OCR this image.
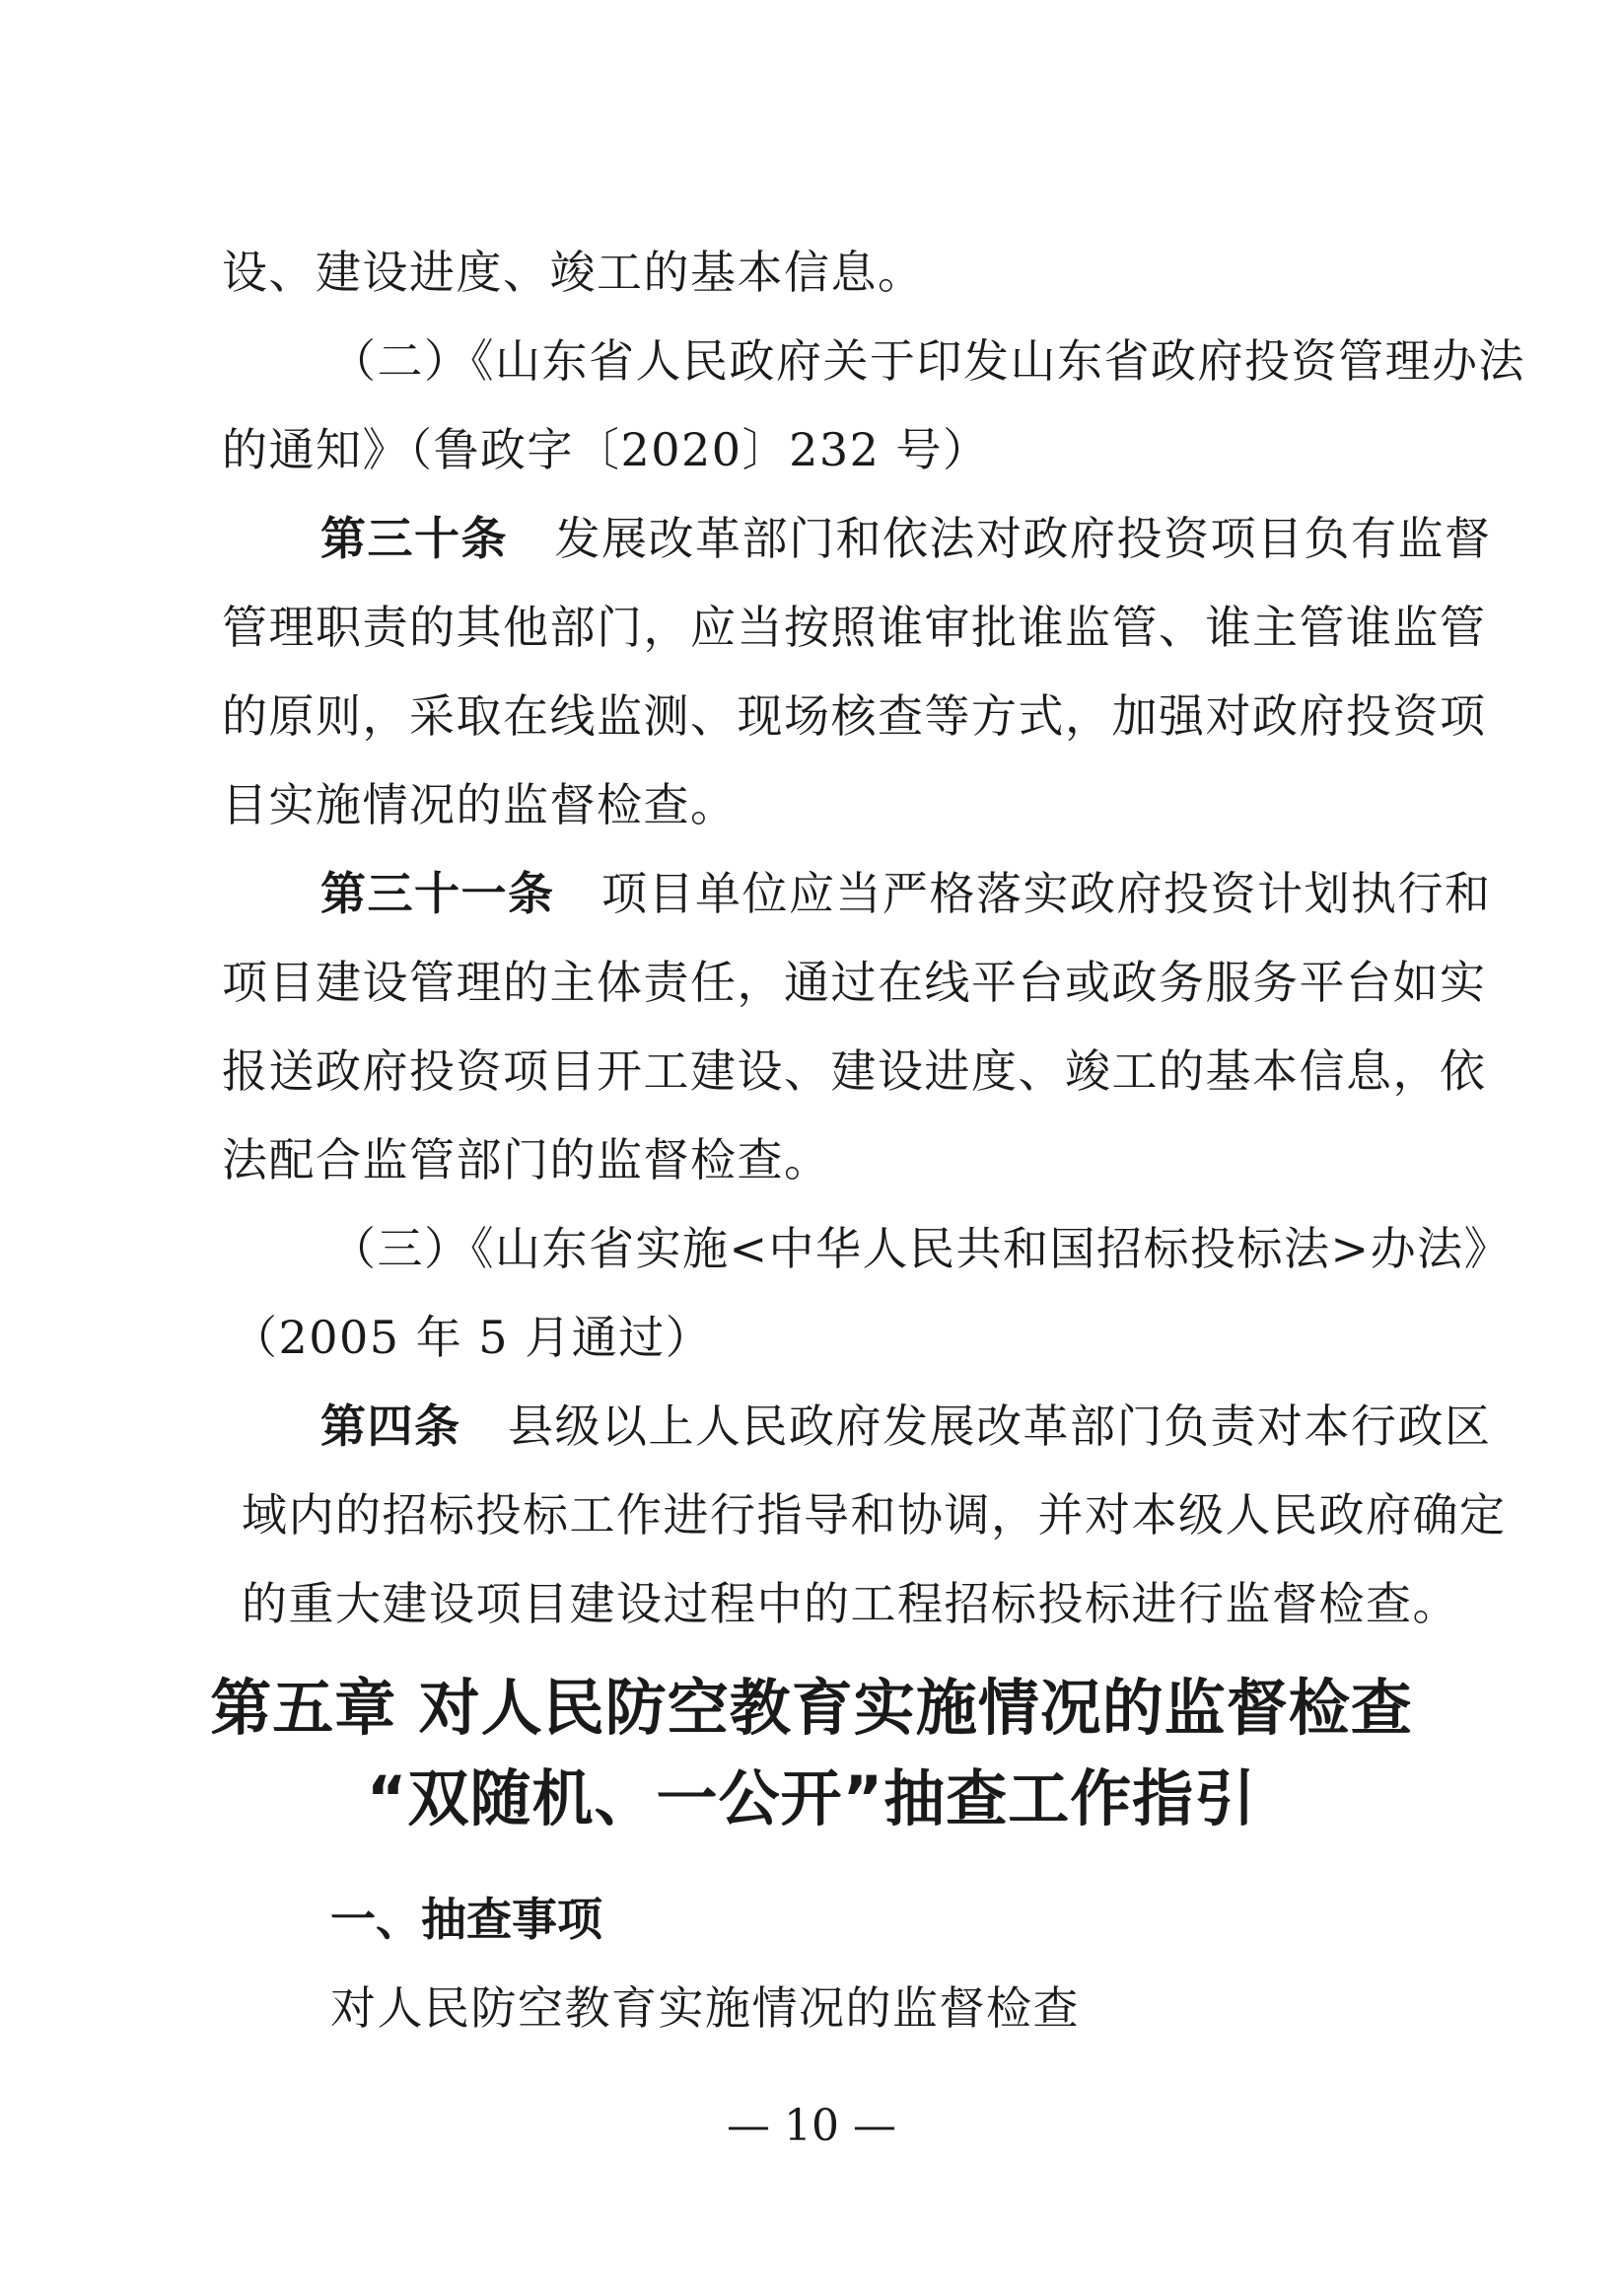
设、建设进度、竣工的基本信息。
（二）《山东省人民政府关于印发山东省政府投资管理办法
的通知》（鲁政字〔2020〕232 号）
第三十条　 发展改革部门和依法对政府投资项目负有监督
管理职责的其他部门，应当按照谁审批谁监管、谁主管谁监管
的原则，采取在线监测、现场核查等方式，加强对政府投资项
目实施情况的监督检查。
第三十一条　 项目单位应当严格落实政府投资计划执行和
项目建设管理的主体责任，通过在线平台或政务服务平台如实
报送政府投资项目开工建设、建设进度、竣工的基本信息，依
法配合监管部门的监督检查。
（三）《山东省实施<中华人民共和国招标投标法>办法》
（2005 年 5 月通过）
第四条　 县级以上人民政府发展改革部门负责对本行政区
域内的招标投标工作进行指导和协调，并对本级人民政府确定
的重大建设项目建设过程中的工程招标投标进行监督检查。
第五章 对人民防空教育实施情况的监督检查
“双随机、一公开”抽查工作指引
一、抽查事项
对人民防空教育实施情况的监督检查
— 10 —
